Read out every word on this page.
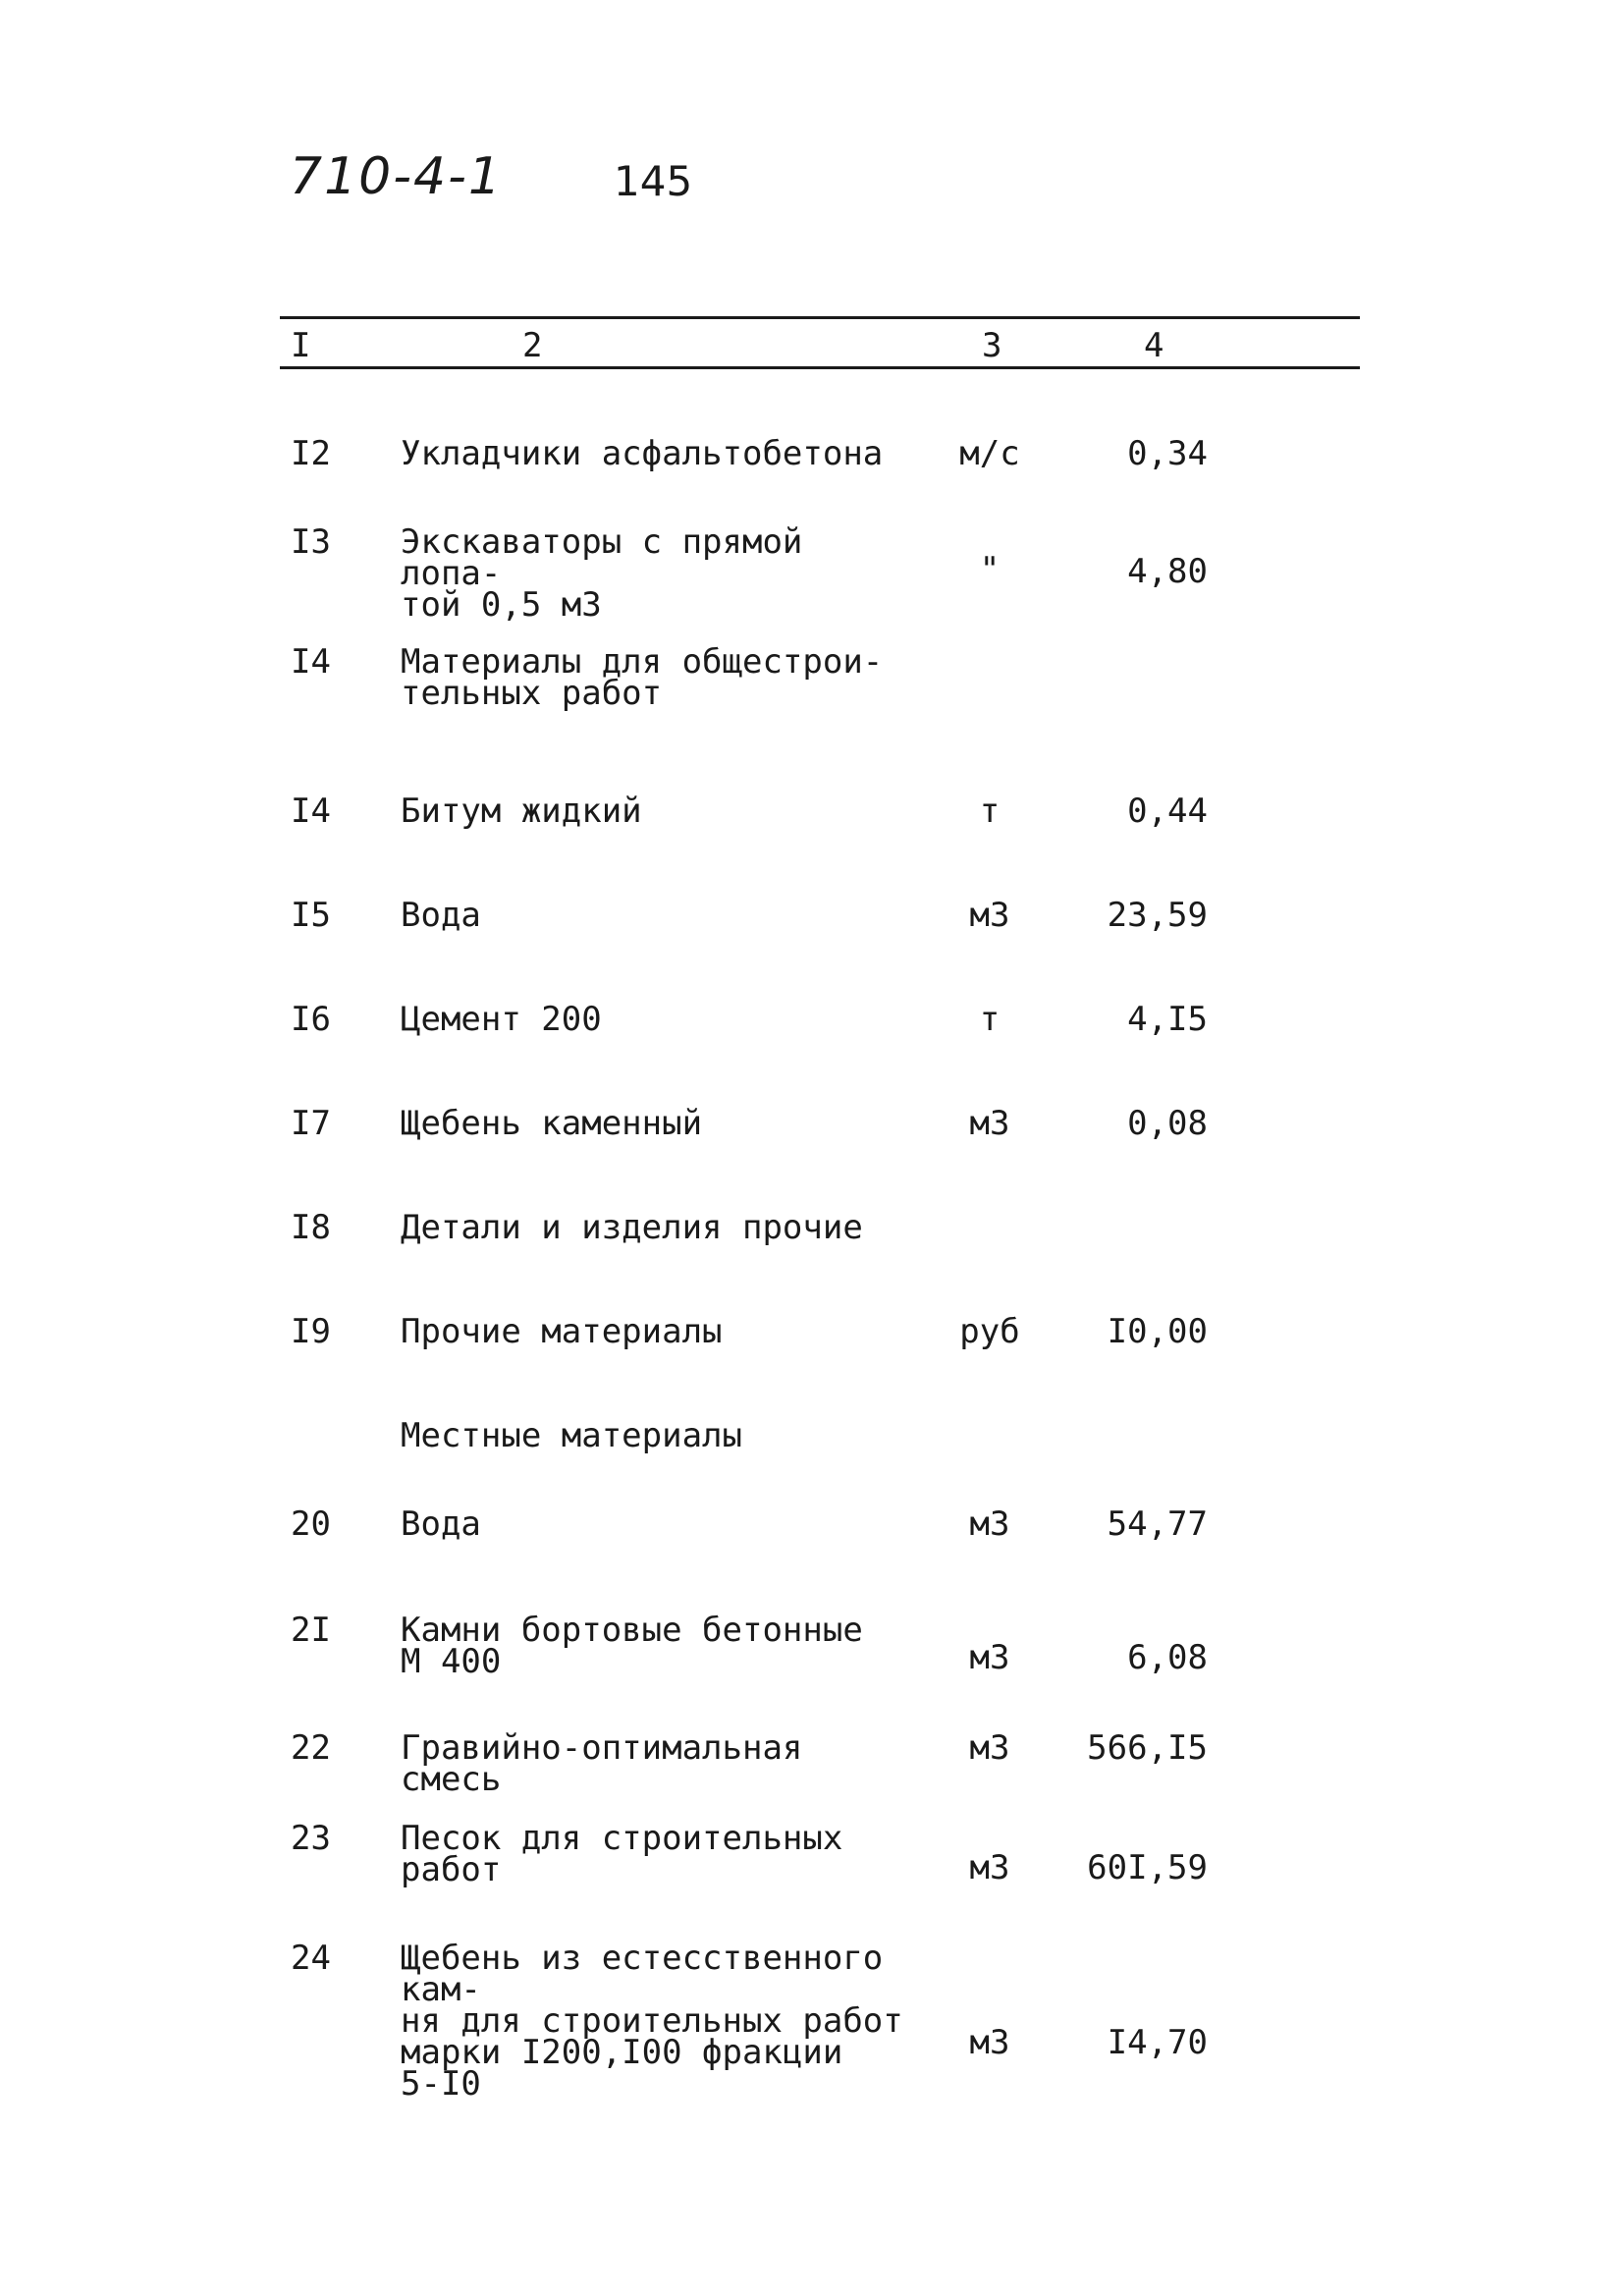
710-4-1	145
I	2	3	4
I2 Укладчики асфальтобетона	м/с	0,34
I3 Экскаваторы с прямой лопа-
той 0,5 м3
"	4,80
I4 Материалы для общестрои-
тельных работ
I4 Битум жидкий	т	0,44
I5 Вода	м3	23,59
I6 Цемент 200	т	4,I5
I7 Щебень каменный	м3	0,08
I8 Детали и изделия прочие
I9 Прочие материалы	руб	I0,00
Местные материалы
20 Вода	м3	54,77
2I Камни бортовые бетонные
М 400	м3	6,08
22 Гравийно-оптимальная смесь
м3	566,I5
23 Песок для строительных
работ	м3	60I,59
24 Щебень из естесcтвенного кам-
ня для строительных работ
марки I200,I00 фракции
5-I0
м3	I4,70
